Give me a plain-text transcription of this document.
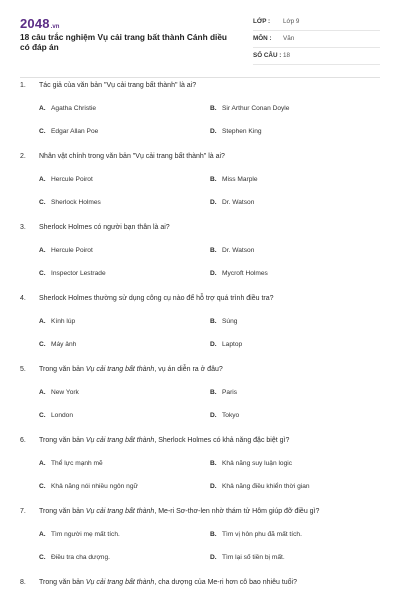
2048.vn
18 câu trắc nghiệm Vụ cải trang bất thành Cánh diều có đáp án
LỚP : Lớp 9
MÔN : Văn
SỐ CÂU : 18
1. Tác giả của văn bản "Vụ cải trang bất thành" là ai?
A. Agatha Christie	B. Sir Arthur Conan Doyle
C. Edgar Allan Poe	D. Stephen King
2. Nhân vật chính trong văn bản "Vụ cải trang bất thành" là ai?
A. Hercule Poirot	B. Miss Marple
C. Sherlock Holmes	D. Dr. Watson
3. Sherlock Holmes có người bạn thân là ai?
A. Hercule Poirot	B. Dr. Watson
C. Inspector Lestrade	D. Mycroft Holmes
4. Sherlock Holmes thường sử dụng công cụ nào để hỗ trợ quá trình điều tra?
A. Kính lúp	B. Súng
C. Máy ảnh	D. Laptop
5. Trong văn bản Vụ cải trang bất thành, vụ án diễn ra ở đâu?
A. New York	B. Paris
C. London	D. Tokyo
6. Trong văn bản Vụ cải trang bất thành, Sherlock Holmes có khả năng đặc biệt gì?
A. Thể lực mạnh mẽ	B. Khả năng suy luận logic
C. Khả năng nói nhiều ngôn ngữ	D. Khả năng điều khiển thời gian
7. Trong văn bản Vụ cải trang bất thành, Me-ri Sơ-thơ-len nhờ thám tử Hôm giúp đỡ điều gì?
A. Tìm người mẹ mất tích.	B. Tìm vị hôn phu đã mất tích.
C. Điều tra cha dượng.	D. Tìm lại số tiền bị mất.
8. Trong văn bản Vụ cải trang bất thành, cha dượng của Me-ri hơn cô bao nhiêu tuổi?
